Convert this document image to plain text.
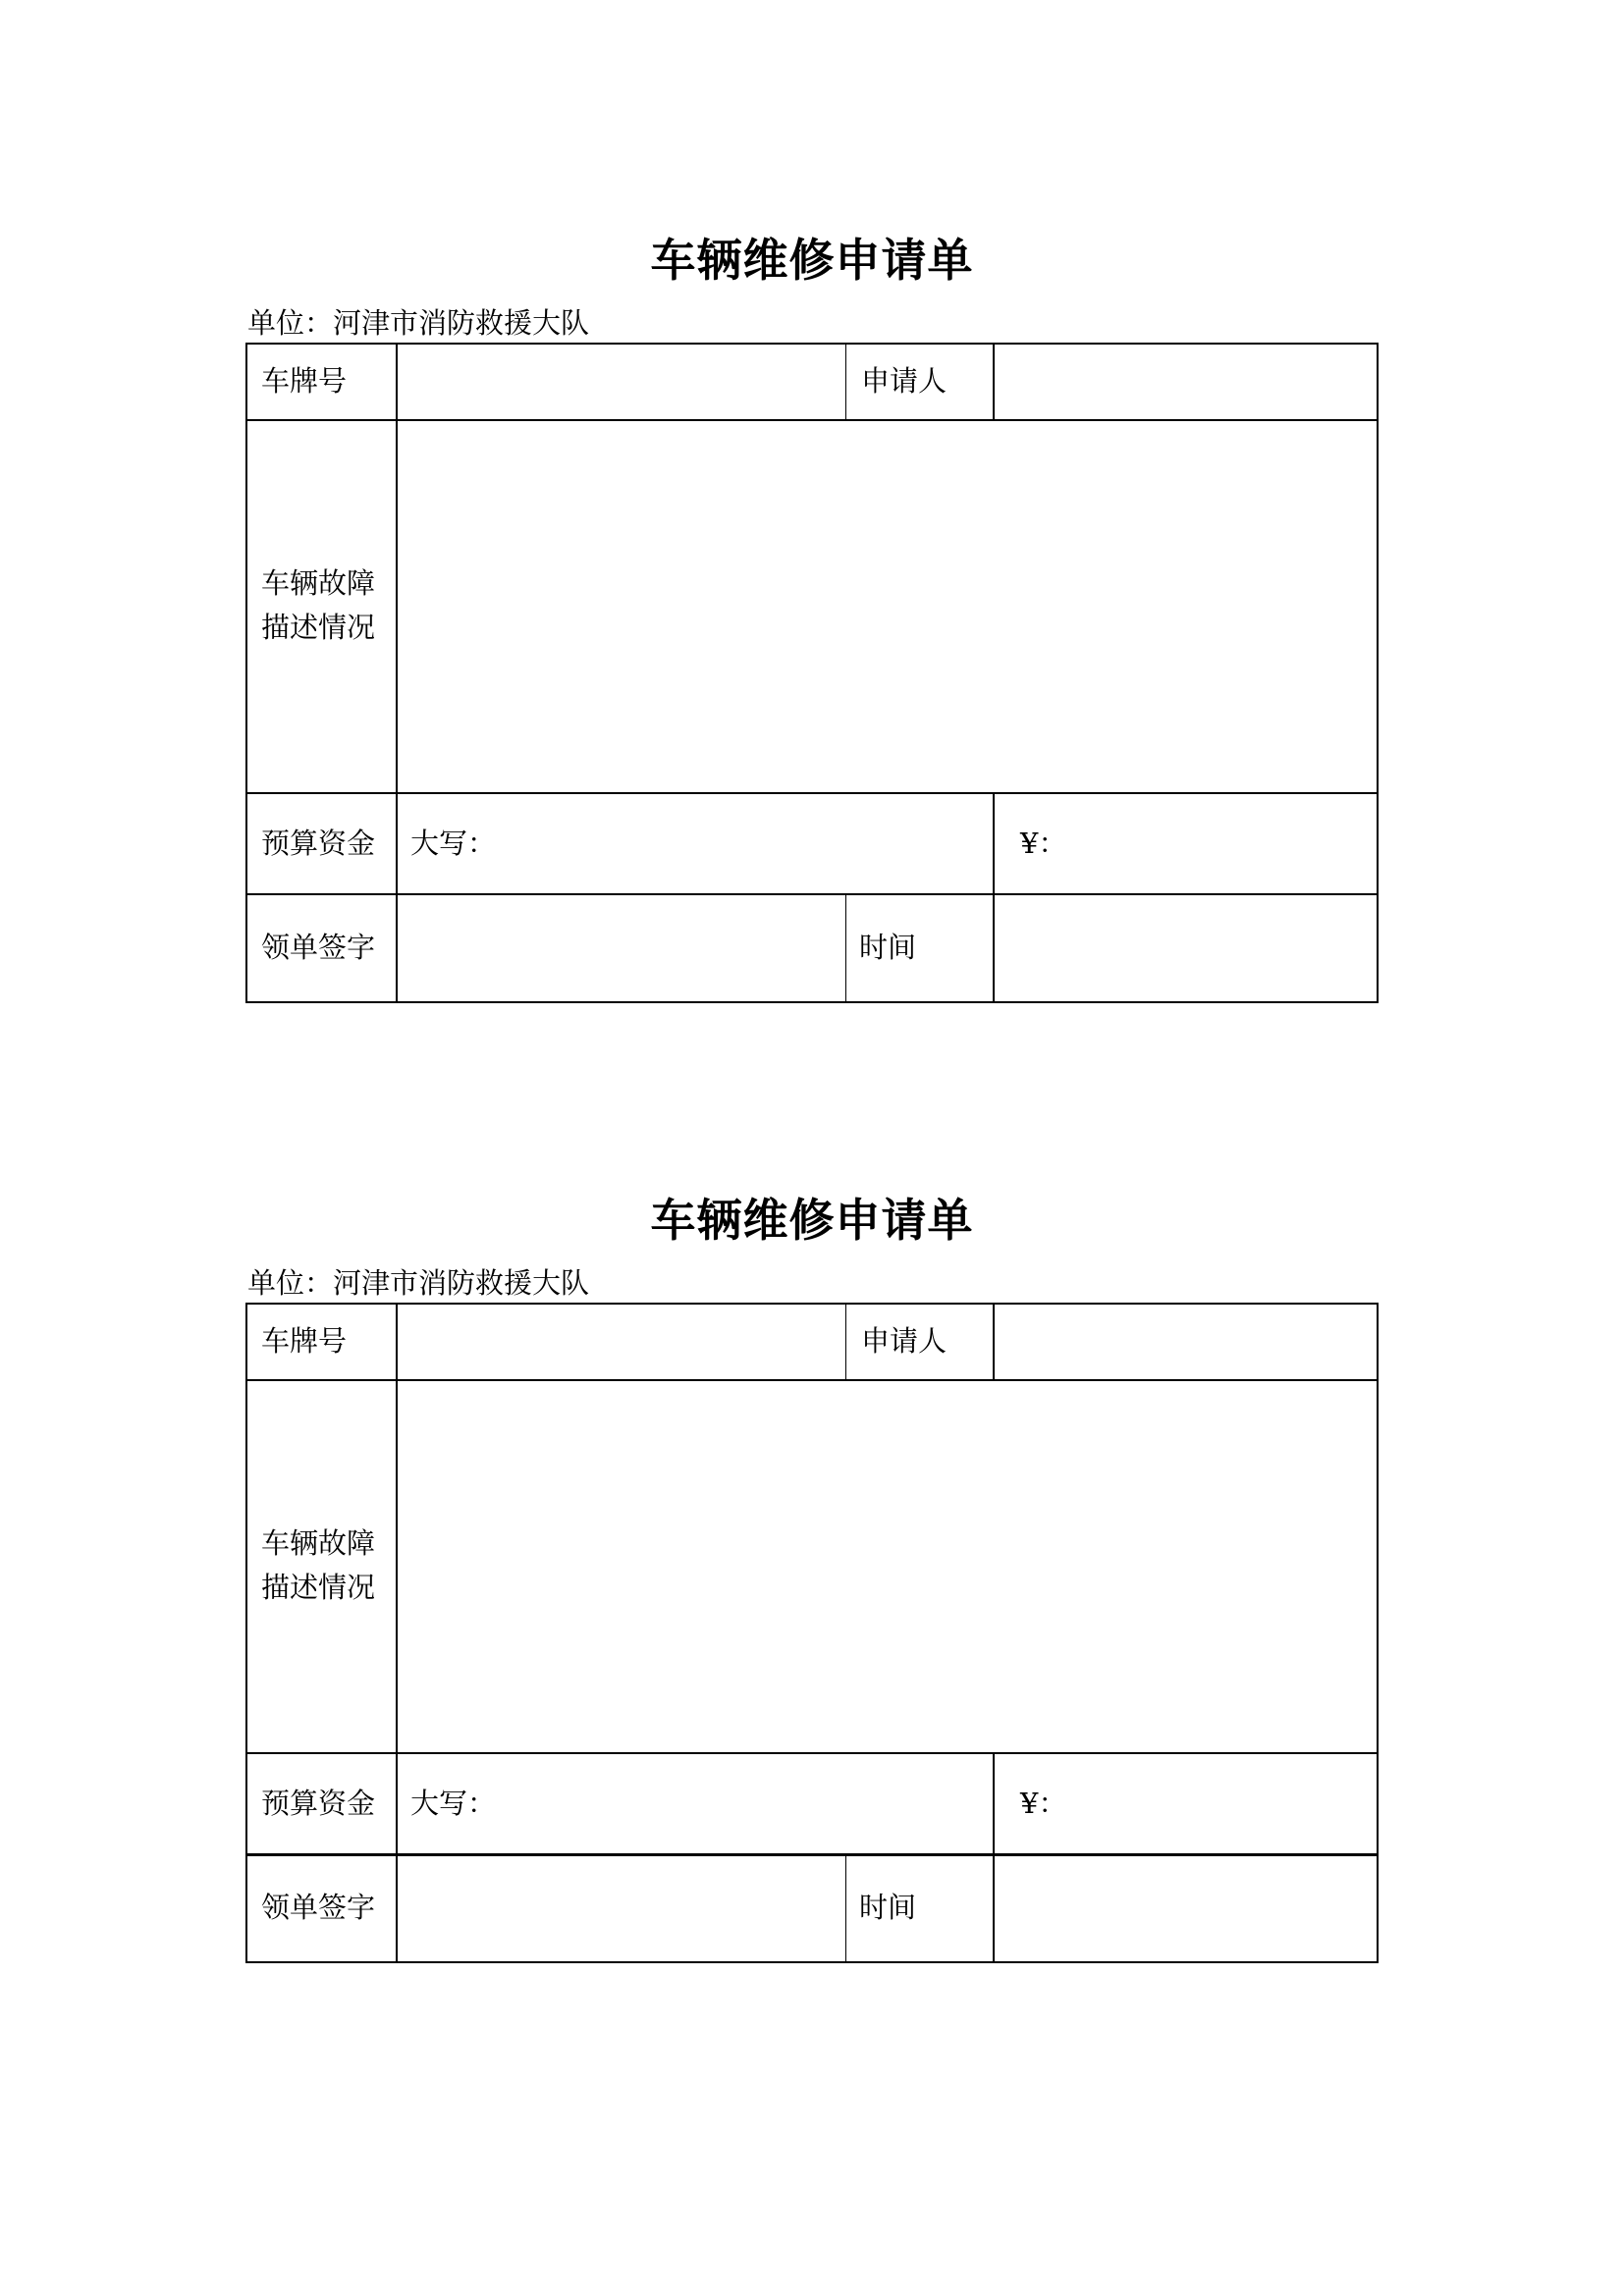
车辆维修申请单
单位：河津市消防救援大队
车牌号	申请人
车辆故障
描述情况
预算资金 大写：	¥：
领单签字	时间
车辆维修申请单
单位：河津市消防救援大队
车牌号	申请人
车辆故障
描述情况
预算资金 大写：	¥：
领单签字	时间
